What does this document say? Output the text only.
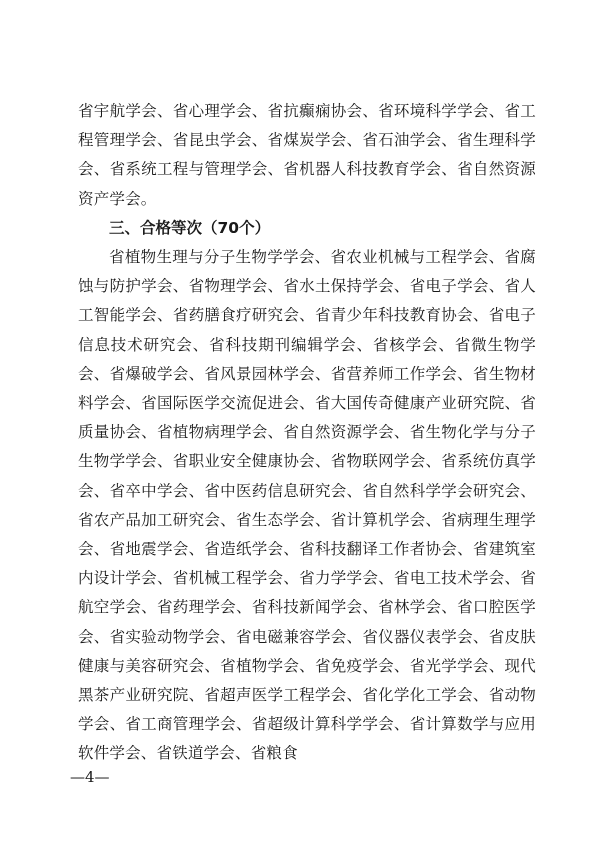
省宇航学会、省心理学会、省抗癫痫协会、省环境科学学会、省工程管理学会、省昆虫学会、省煤炭学会、省石油学会、省生理科学会、省系统工程与管理学会、省机器人科技教育学会、省自然资源资产学会。

三、合格等次（70个）

省植物生理与分子生物学学会、省农业机械与工程学会、省腐蚀与防护学会、省物理学会、省水土保持学会、省电子学会、省人工智能学会、省药膳食疗研究会、省青少年科技教育协会、省电子信息技术研究会、省科技期刊编辑学会、省核学会、省微生物学会、省爆破学会、省风景园林学会、省营养师工作学会、省生物材料学会、省国际医学交流促进会、省大国传奇健康产业研究院、省质量协会、省植物病理学会、省自然资源学会、省生物化学与分子生物学学会、省职业安全健康协会、省物联网学会、省系统仿真学会、省卒中学会、省中医药信息研究会、省自然科学学会研究会、省农产品加工研究会、省生态学会、省计算机学会、省病理生理学会、省地震学会、省造纸学会、省科技翻译工作者协会、省建筑室内设计学会、省机械工程学会、省力学学会、省电工技术学会、省航空学会、省药理学会、省科技新闻学会、省林学会、省口腔医学会、省实验动物学会、省电磁兼容学会、省仪器仪表学会、省皮肤健康与美容研究会、省植物学会、省免疫学会、省光学学会、现代黑茶产业研究院、省超声医学工程学会、省化学化工学会、省动物学会、省工商管理学会、省超级计算科学学会、省计算数学与应用软件学会、省铁道学会、省粮食

—4—
